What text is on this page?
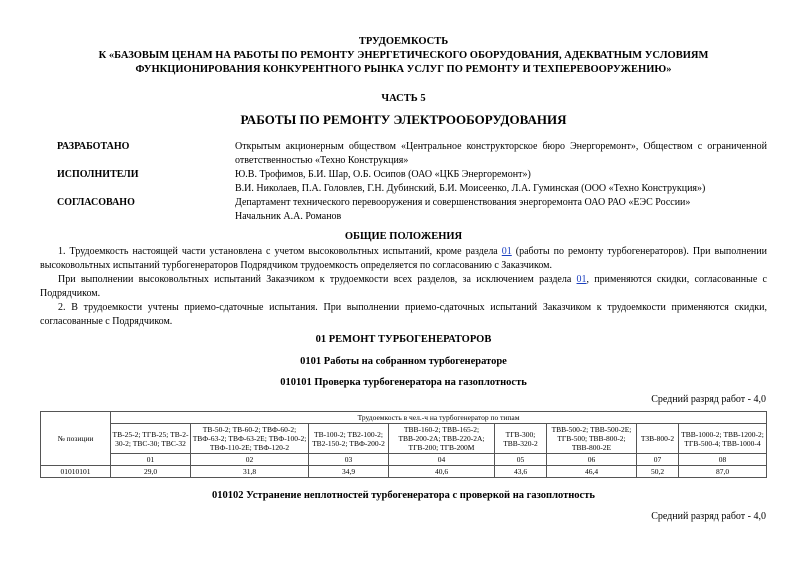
ТРУДОЕМКОСТЬ
К «БАЗОВЫМ ЦЕНАМ НА РАБОТЫ ПО РЕМОНТУ ЭНЕРГЕТИЧЕСКОГО ОБОРУДОВАНИЯ, АДЕКВАТНЫМ УСЛОВИЯМ
ФУНКЦИОНИРОВАНИЯ КОНКУРЕНТНОГО РЫНКА УСЛУГ ПО РЕМОНТУ И ТЕХПЕРЕВООРУЖЕНИЮ»
ЧАСТЬ 5
РАБОТЫ ПО РЕМОНТУ ЭЛЕКТРООБОРУДОВАНИЯ
РАЗРАБОТАНО	Открытым акционерным обществом «Центральное конструкторское бюро Энергоремонт», Обществом с ограниченной ответственностью «Техно Конструкция»
ИСПОЛНИТЕЛИ	Ю.В. Трофимов, Б.И. Шар, О.Б. Осипов (ОАО «ЦКБ Энергоремонт»)
В.И. Николаев, П.А. Головлев, Г.Н. Дубинский, Б.И. Моисеенко, Л.А. Гуминская (ООО «Техно Конструкция»)
СОГЛАСОВАНО	Департамент технического перевооружения и совершенствования энергоремонта ОАО РАО «ЕЭС России»
Начальник А.А. Романов
ОБЩИЕ ПОЛОЖЕНИЯ

1. Трудоемкость настоящей части установлена с учетом высоковольтных испытаний, кроме раздела 01 (работы по ремонту турбогенераторов). При выполнении высоковольтных испытаний турбогенераторов Подрядчиком трудоемкость определяется по согласованию с Заказчиком.

При выполнении высоковольтных испытаний Заказчиком к трудоемкости всех разделов, за исключением раздела 01, применяются скидки, согласованные с Подрядчиком.

2. В трудоемкости учтены приемо-сдаточные испытания. При выполнении приемо-сдаточных испытаний Заказчиком к трудоемкости применяются скидки, согласованные с Подрядчиком.

01 РЕМОНТ ТУРБОГЕНЕРАТОРОВ
0101 Работы на собранном турбогенераторе
010101 Проверка турбогенератора на газоплотность
Средний разряд работ - 4,0
№ позиции	Трудоемкость в чел.-ч на турбогенератор по типам							
	ТВ-25-2; ТГВ-25; ТВ-2-30-2; ТВС-30; ТВС-32	ТВ-50-2; ТВ-60-2; ТВФ-60-2; ТВФ-63-2; ТВФ-63-2Е; ТВФ-100-2; ТВФ-110-2Е; ТВФ-120-2	ТВ-100-2; ТВ2-100-2; ТВ2-150-2; ТВФ-200-2	ТВВ-160-2; ТВВ-165-2; ТВВ-200-2А; ТВВ-220-2А; ТГВ-200; ТГВ-200М	ТГВ-300; ТВВ-320-2	ТВВ-500-2; ТВВ-500-2Е; ТГВ-500; ТВВ-800-2; ТВВ-800-2Е	ТЗВ-800-2	ТВВ-1000-2; ТВВ-1200-2; ТГВ-500-4; ТВВ-1000-4
	01	02	03	04	05	06	07	08
01010101	29,0	31,8	34,9	40,6	43,6	46,4	50,2	87,0
010102 Устранение неплотностей турбогенератора с проверкой на газоплотность
Средний разряд работ - 4,0
